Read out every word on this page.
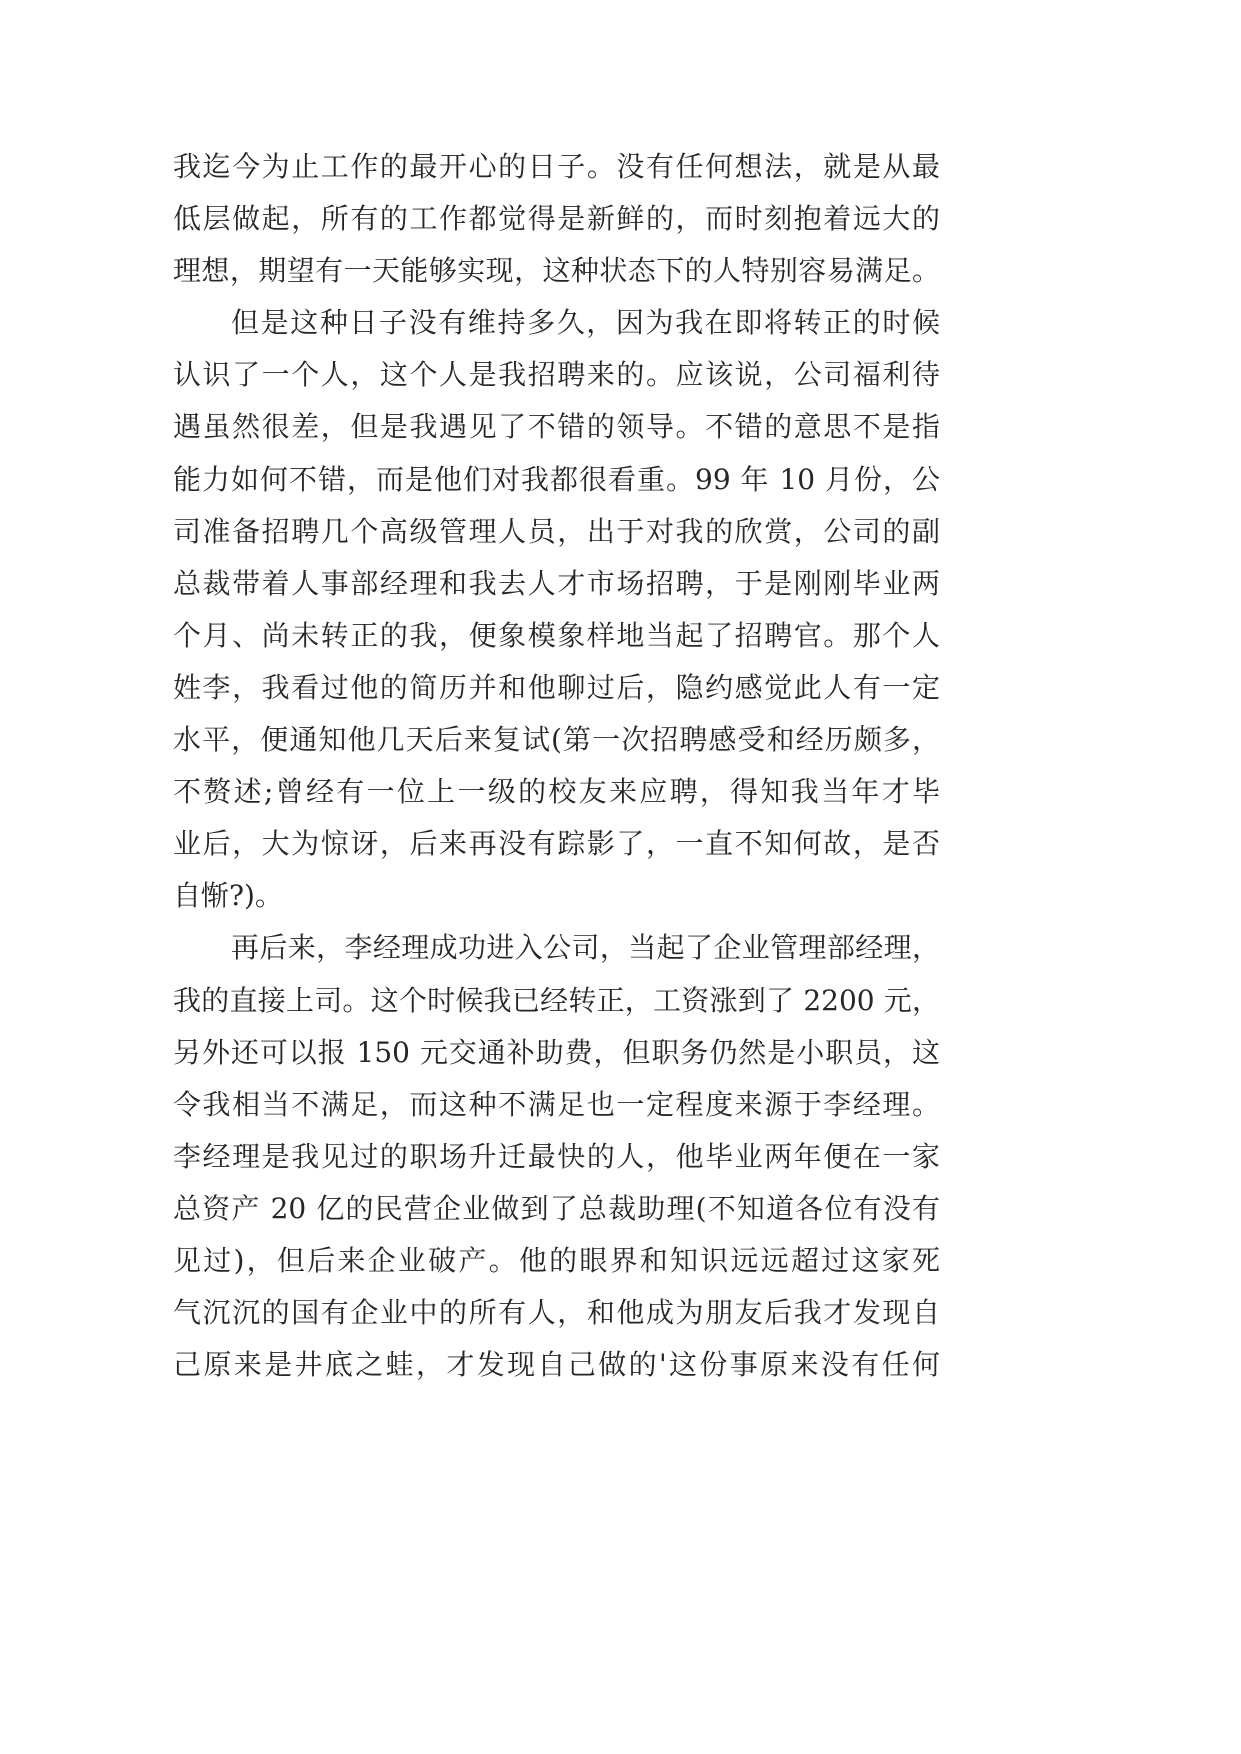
我迄今为止工作的最开心的日子。没有任何想法，就是从最
低层做起，所有的工作都觉得是新鲜的，而时刻抱着远大的
理想，期望有一天能够实现，这种状态下的人特别容易满足。
但是这种日子没有维持多久，因为我在即将转正的时候
认识了一个人，这个人是我招聘来的。应该说，公司福利待
遇虽然很差，但是我遇见了不错的领导。不错的意思不是指
能力如何不错，而是他们对我都很看重。99 年 10 月份，公
司准备招聘几个高级管理人员，出于对我的欣赏，公司的副
总裁带着人事部经理和我去人才市场招聘，于是刚刚毕业两
个月、尚未转正的我，便象模象样地当起了招聘官。那个人
姓李，我看过他的简历并和他聊过后，隐约感觉此人有一定
水平，便通知他几天后来复试(第一次招聘感受和经历颇多，
不赘述;曾经有一位上一级的校友来应聘，得知我当年才毕
业后，大为惊讶，后来再没有踪影了，一直不知何故，是否
自惭?)。
再后来，李经理成功进入公司，当起了企业管理部经理，
我的直接上司。这个时候我已经转正，工资涨到了 2200 元，
另外还可以报 150 元交通补助费，但职务仍然是小职员，这
令我相当不满足，而这种不满足也一定程度来源于李经理。
李经理是我见过的职场升迁最快的人，他毕业两年便在一家
总资产 20 亿的民营企业做到了总裁助理(不知道各位有没有
见过)，但后来企业破产。他的眼界和知识远远超过这家死
气沉沉的国有企业中的所有人，和他成为朋友后我才发现自
己原来是井底之蛙，才发现自己做的'这份事原来没有任何
